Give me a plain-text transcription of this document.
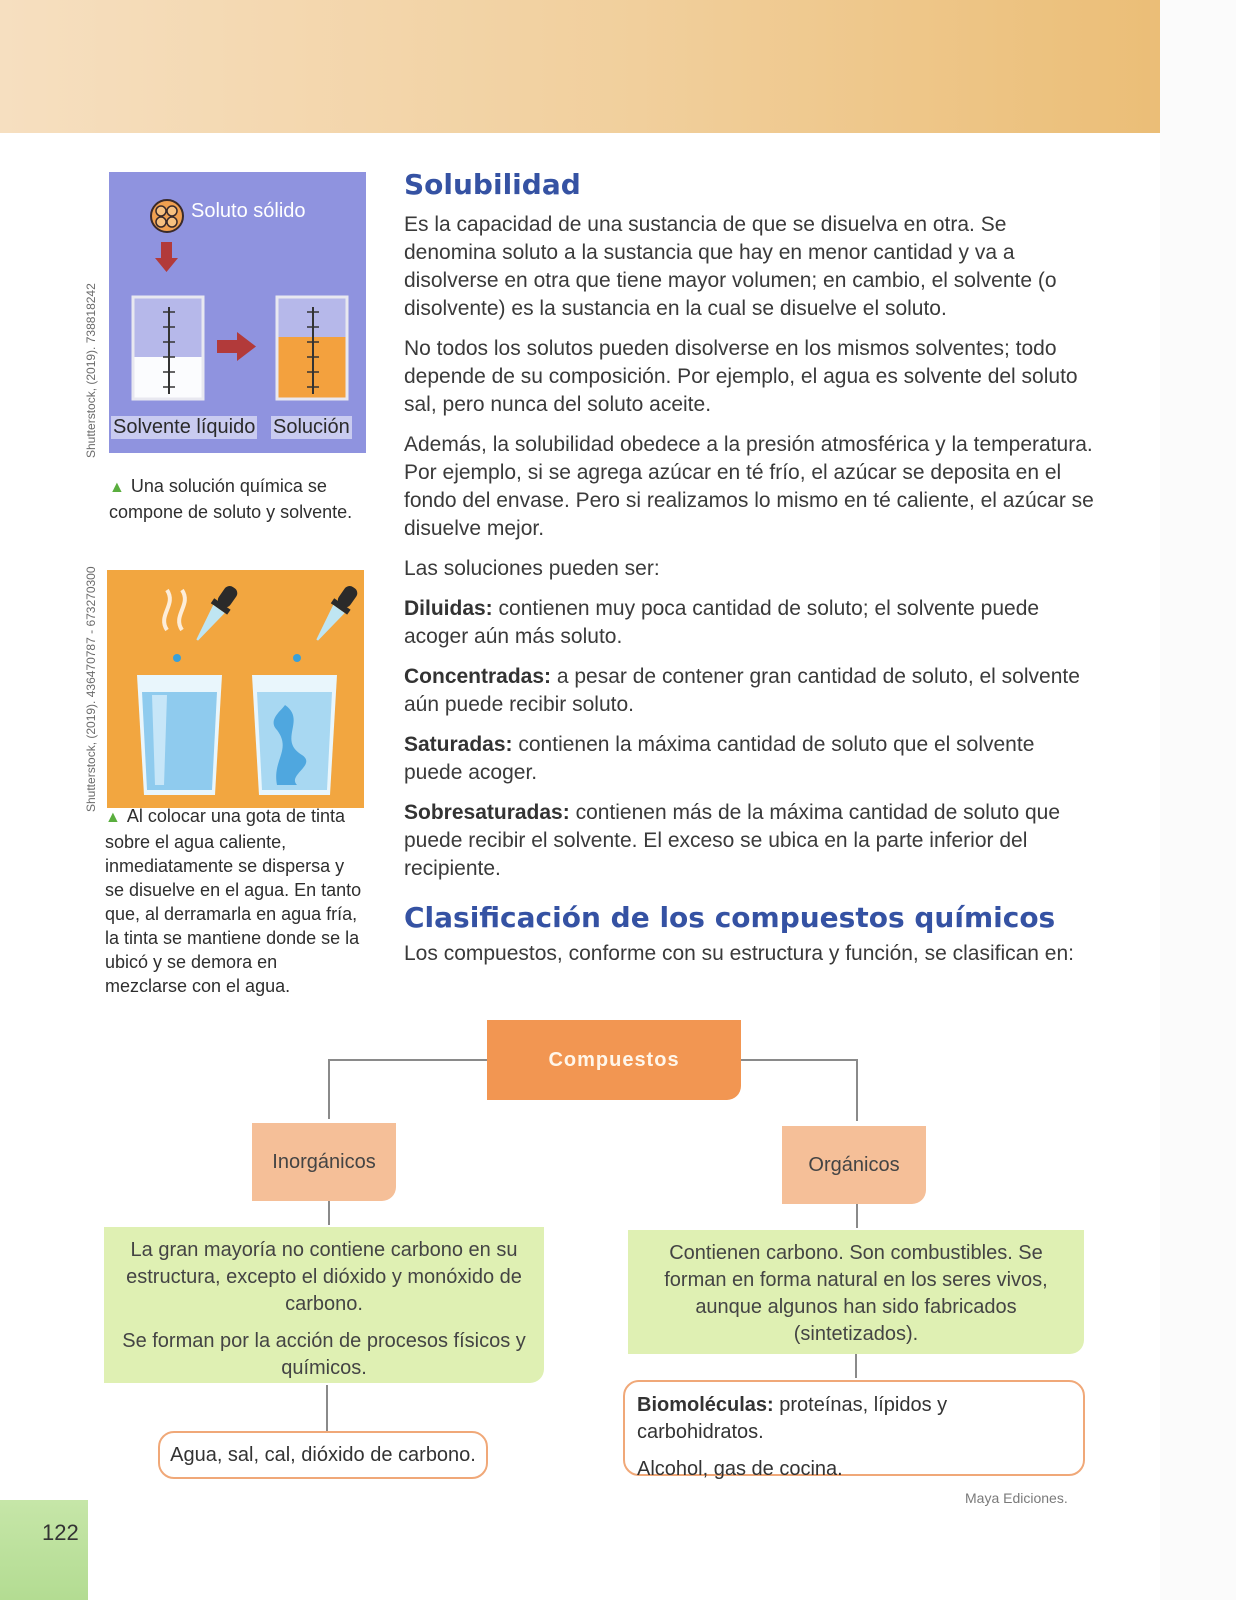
Shutterstock, (2019). 738818242
Shutterstock, (2019). 436470787 - 673270300
Soluto sólido
Solvente líquido Solución
▲ Una solución química se compone de soluto y solvente.
▲ Al colocar una gota de tinta sobre el agua caliente, inmediatamente se dispersa y se disuelve en el agua. En tanto que, al derramarla en agua fría, la tinta se mantiene donde se la ubicó y se demora en mezclarse con el agua.
Solubilidad

Es la capacidad de una sustancia de que se disuelva en otra. Se denomina soluto a la sustancia que hay en menor cantidad y va a disolverse en otra que tiene mayor volumen; en cambio, el solvente (o disolvente) es la sustancia en la cual se disuelve el soluto.

No todos los solutos pueden disolverse en los mismos solventes; todo depende de su composición. Por ejemplo, el agua es solvente del soluto sal, pero nunca del soluto aceite.

Además, la solubilidad obedece a la presión atmosférica y la temperatura. Por ejemplo, si se agrega azúcar en té frío, el azúcar se deposita en el fondo del envase. Pero si realizamos lo mismo en té caliente, el azúcar se disuelve mejor.

Las soluciones pueden ser:

Diluidas: contienen muy poca cantidad de soluto; el solvente puede acoger aún más soluto.

Concentradas: a pesar de contener gran cantidad de soluto, el solvente aún puede recibir soluto.

Saturadas: contienen la máxima cantidad de soluto que el solvente puede acoger.

Sobresaturadas: contienen más de la máxima cantidad de soluto que puede recibir el solvente. El exceso se ubica en la parte inferior del recipiente.

Clasificación de los compuestos químicos

Los compuestos, conforme con su estructura y función, se clasifican en:

Compuestos
Inorgánicos	Orgánicos

La gran mayoría no contiene carbono en su estructura, excepto el dióxido y monóxido de carbono.

Se forman por la acción de procesos físicos y químicos.

Contienen carbono. Son combustibles. Se forman en forma natural en los seres vivos, aunque algunos han sido fabricados (sintetizados).

Agua, sal, cal, dióxido de carbono.
Biomoléculas: proteínas, lípidos y carbohidratos.
Alcohol, gas de cocina.
Maya Ediciones.
122
